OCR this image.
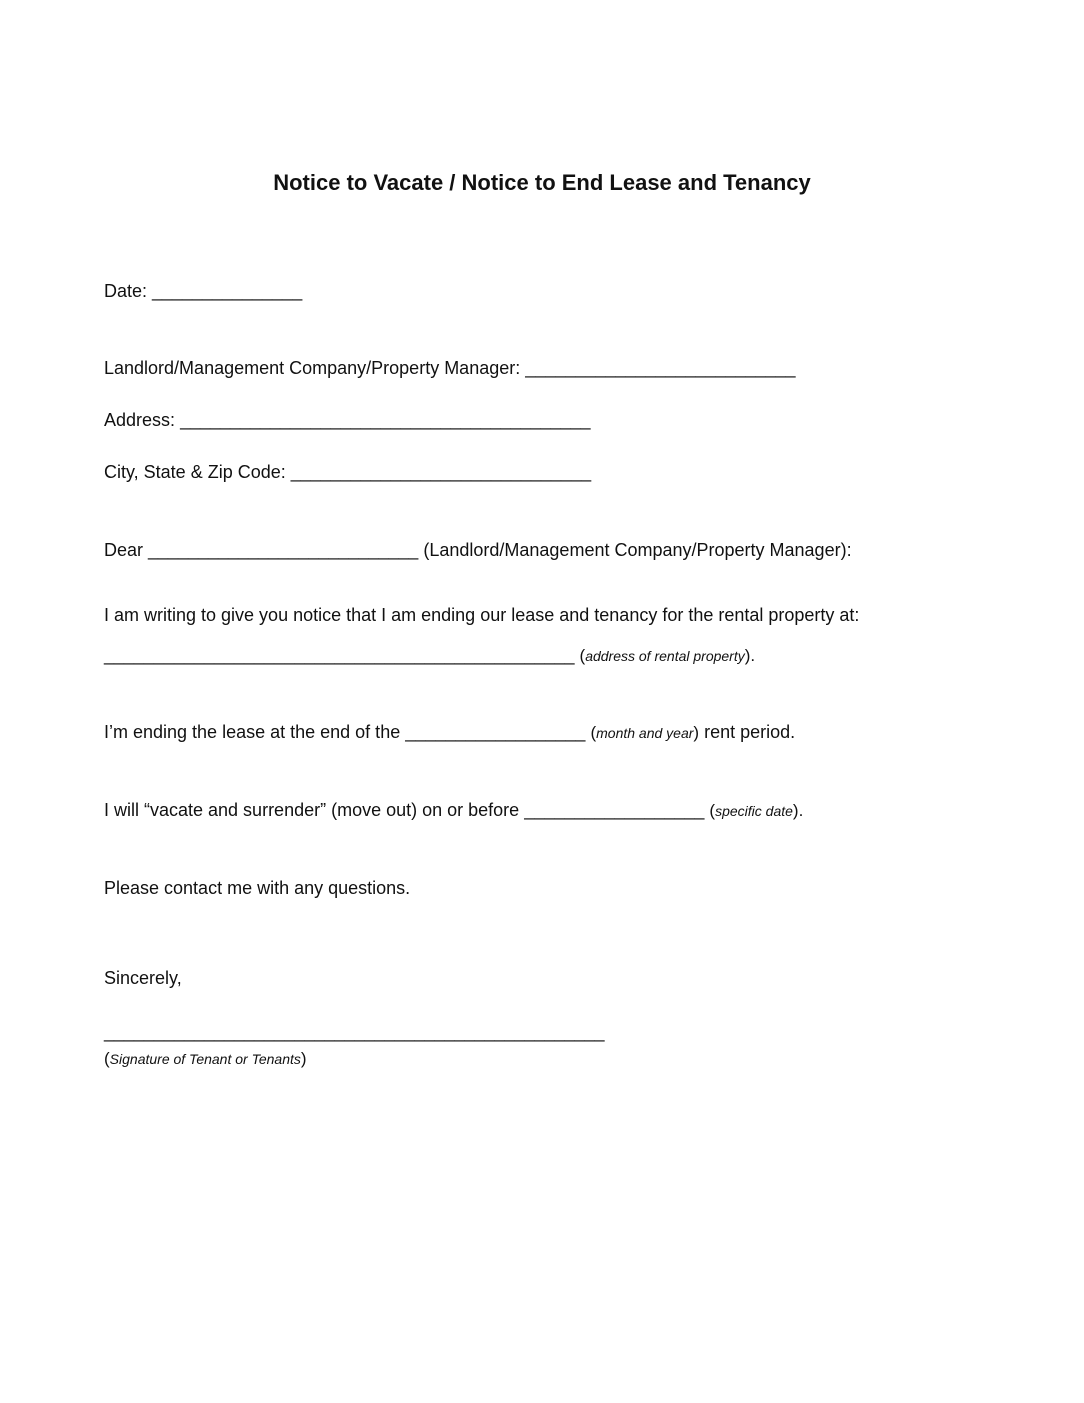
Notice to Vacate / Notice to End Lease and Tenancy
Date: _______________
Landlord/Management Company/Property Manager: ___________________________
Address: _________________________________________
City, State & Zip Code: ______________________________
Dear ___________________________ (Landlord/Management Company/Property Manager):
I am writing to give you notice that I am ending our lease and tenancy for the rental property at:
_______________________________________________ (address of rental property).
I’m ending the lease at the end of the __________________ (month and year) rent period.
I will “vacate and surrender” (move out) on or before __________________ (specific date).
Please contact me with any questions.
Sincerely,
__________________________________________________
(Signature of Tenant or Tenants)
